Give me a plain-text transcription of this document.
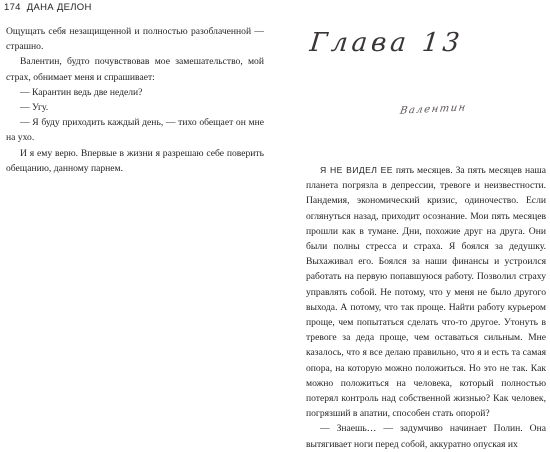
174 ДАНА ДЕЛОН

Ощущать себя незащищенной и полностью разоблаченной — страшно.

Валентин, будто почувствовав мое замешательство, мой страх, обнимает меня и спрашивает:

— Карантин ведь две недели?

— Угу.

— Я буду приходить каждый день, — тихо обещает он мне на ухо.

И я ему верю. Впервые в жизни я разрешаю себе поверить обещанию, данному парнем.

Глава 13
Валентин

Я НЕ ВИДЕЛ ЕЕ пять месяцев. За пять месяцев наша планета погрязла в депрессии, тревоге и неизвестности. Пандемия, экономический кризис, одиночество. Если оглянуться назад, приходит осознание. Мои пять месяцев прошли как в тумане. Дни, похожие друг на друга. Они были полны стресса и страха. Я боялся за дедушку. Выхаживал его. Боялся за наши финансы и устроился работать на первую попавшуюся работу. Позволил страху управлять собой. Не потому, что у меня не было другого выхода. А потому, что так проще. Найти работу курьером проще, чем попытаться сделать что-то другое. Утонуть в тревоге за деда проще, чем оставаться сильным. Мне казалось, что я все делаю правильно, что я и есть та самая опора, на которую можно положиться. Но это не так. Как можно положиться на человека, который полностью потерял контроль над собственной жизнью? Как человек, погрязший в апатии, способен стать опорой?

— Знаешь… — задумчиво начинает Полин. Она вытягивает ноги перед собой, аккуратно опуская их
